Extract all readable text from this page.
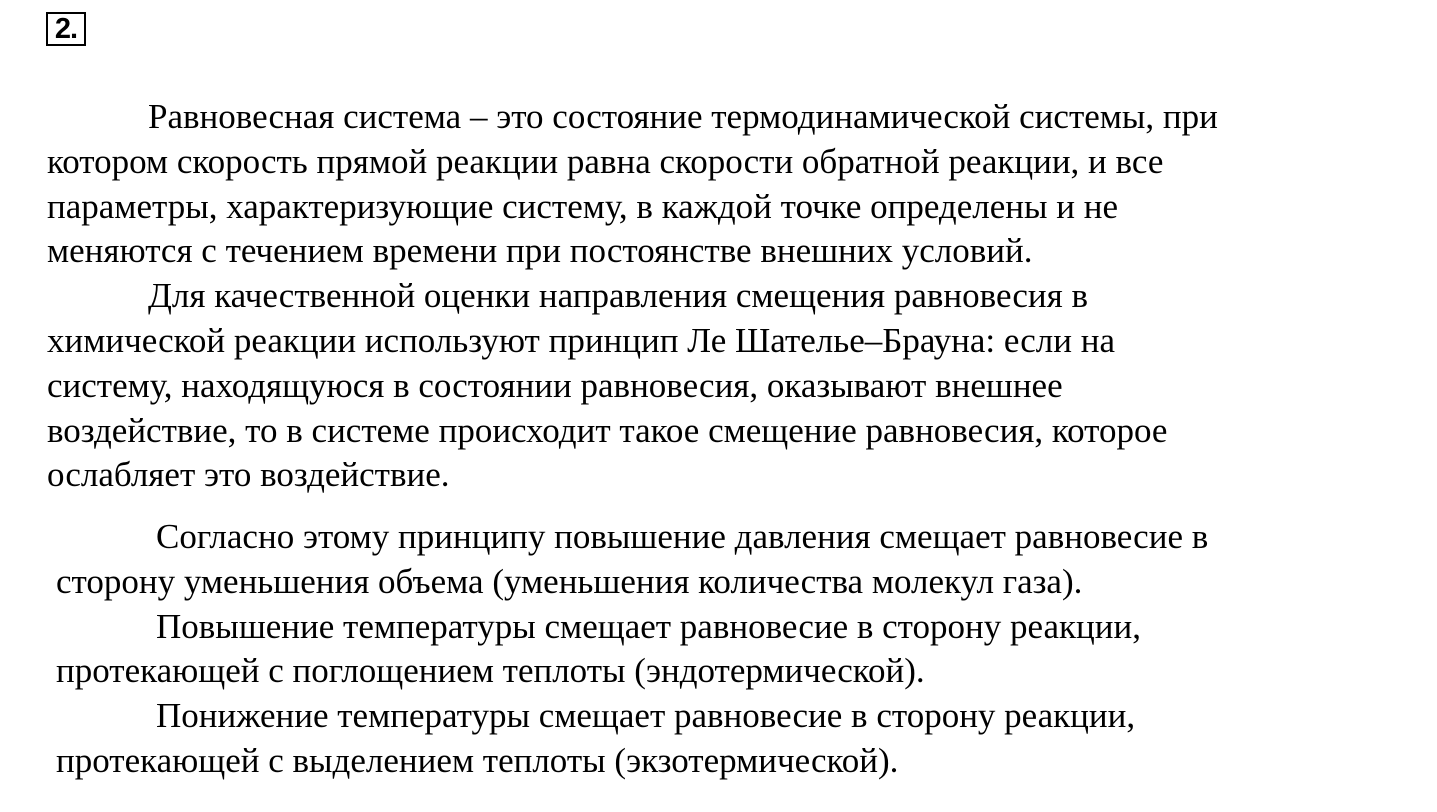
2.
Равновесная система – это состояние термодинамической системы, при
котором скорость прямой реакции равна скорости обратной реакции, и все
параметры, характеризующие систему, в каждой точке определены и не
меняются с течением времени при постоянстве внешних условий.
Для качественной оценки направления смещения равновесия в
химической реакции используют принцип Ле Шателье–Брауна: если на
систему, находящуюся в состоянии равновесия, оказывают внешнее
воздействие, то в системе происходит такое смещение равновесия, которое
ослабляет это воздействие.
Согласно этому принципу повышение давления смещает равновесие в
сторону уменьшения объема (уменьшения количества молекул газа).
Повышение температуры смещает равновесие в сторону реакции,
протекающей с поглощением теплоты (эндотермической).
Понижение температуры смещает равновесие в сторону реакции,
протекающей с выделением теплоты (экзотермической).
